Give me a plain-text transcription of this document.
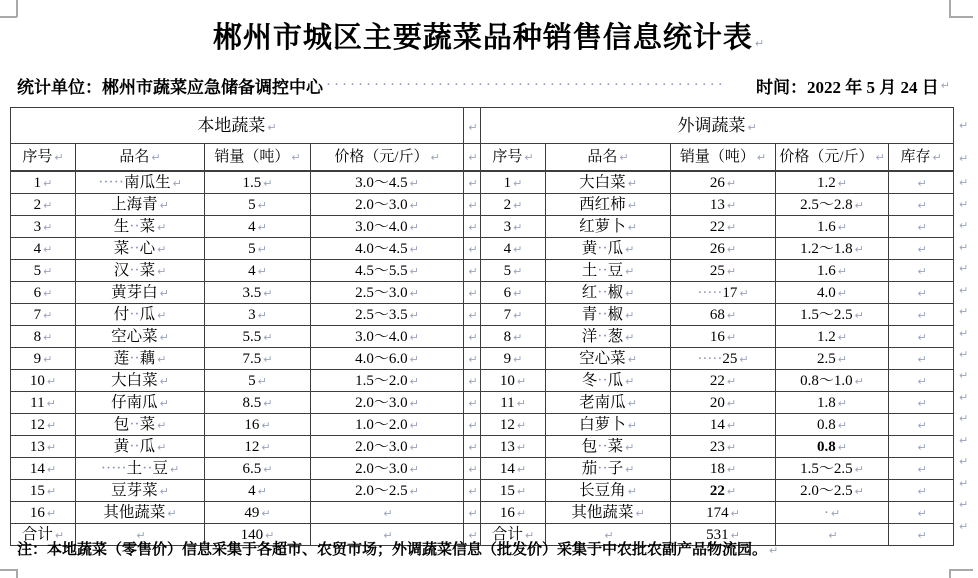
郴州市城区主要蔬菜品种销售信息统计表 ↵
统计单位：郴州市蔬菜应急储备调控中心 ··················································	时间：2022 年 5 月 24 日 ↵
本地蔬菜 ↵				↵	外调蔬菜 ↵				
序号 ↵	品名 ↵	销量（吨） ↵	价格（元/斤） ↵	↵	序号 ↵	品名 ↵	销量（吨） ↵	价格（元/斤） ↵	库存 ↵
1 ↵	·····南瓜生 ↵	1.5 ↵	3.0～4.5 ↵	↵	1 ↵	大白菜 ↵	26 ↵	1.2 ↵	↵
2 ↵	上海青 ↵	5 ↵	2.0～3.0 ↵	↵	2 ↵	西红柿 ↵	13 ↵	2.5～2.8 ↵	↵
3 ↵	生··菜 ↵	4 ↵	3.0～4.0 ↵	↵	3 ↵	红萝卜 ↵	22 ↵	1.6 ↵	↵
4 ↵	菜··心 ↵	5 ↵	4.0～4.5 ↵	↵	4 ↵	黄··瓜 ↵	26 ↵	1.2～1.8 ↵	↵
5 ↵	汉··菜 ↵	4 ↵	4.5～5.5 ↵	↵	5 ↵	土··豆 ↵	25 ↵	1.6 ↵	↵
6 ↵	黄芽白 ↵	3.5 ↵	2.5～3.0 ↵	↵	6 ↵	红··椒 ↵	·····17 ↵	4.0 ↵	↵
7 ↵	付··瓜 ↵	3 ↵	2.5～3.5 ↵	↵	7 ↵	青··椒 ↵	68 ↵	1.5～2.5 ↵	↵
8 ↵	空心菜 ↵	5.5 ↵	3.0～4.0 ↵	↵	8 ↵	洋··葱 ↵	16 ↵	1.2 ↵	↵
9 ↵	莲··藕 ↵	7.5 ↵	4.0～6.0 ↵	↵	9 ↵	空心菜 ↵	·····25 ↵	2.5 ↵	↵
10 ↵	大白菜 ↵	5 ↵	1.5～2.0 ↵	↵	10 ↵	冬··瓜 ↵	22 ↵	0.8～1.0 ↵	↵
11 ↵	仔南瓜 ↵	8.5 ↵	2.0～3.0 ↵	↵	11 ↵	老南瓜 ↵	20 ↵	1.8 ↵	↵
12 ↵	包··菜 ↵	16 ↵	1.0～2.0 ↵	↵	12 ↵	白萝卜 ↵	14 ↵	0.8 ↵	↵
13 ↵	黄··瓜 ↵	12 ↵	2.0～3.0 ↵	↵	13 ↵	包··菜 ↵	23 ↵	0.8 ↵	↵
14 ↵	·····土··豆 ↵	6.5 ↵	2.0～3.0 ↵	↵	14 ↵	茄··子 ↵	18 ↵	1.5～2.5 ↵	↵
15 ↵	豆芽菜 ↵	4 ↵	2.0～2.5 ↵	↵	15 ↵	长豆角 ↵	22 ↵	2.0～2.5 ↵	↵
16 ↵	其他蔬菜 ↵	49 ↵	↵	↵	16 ↵	其他蔬菜 ↵	174 ↵	· ↵	↵
合计 ↵	↵	140 ↵	↵	↵	合计 ↵	↵	531 ↵	↵	↵
↵
↵
↵
↵
↵
↵
↵
↵
↵
↵
↵
↵
↵
↵
↵
↵
↵
↵
↵
注：本地蔬菜（零售价）信息采集于各超市、农贸市场；外调蔬菜信息（批发价）采集于中农批农副产品物流园。 ↵
